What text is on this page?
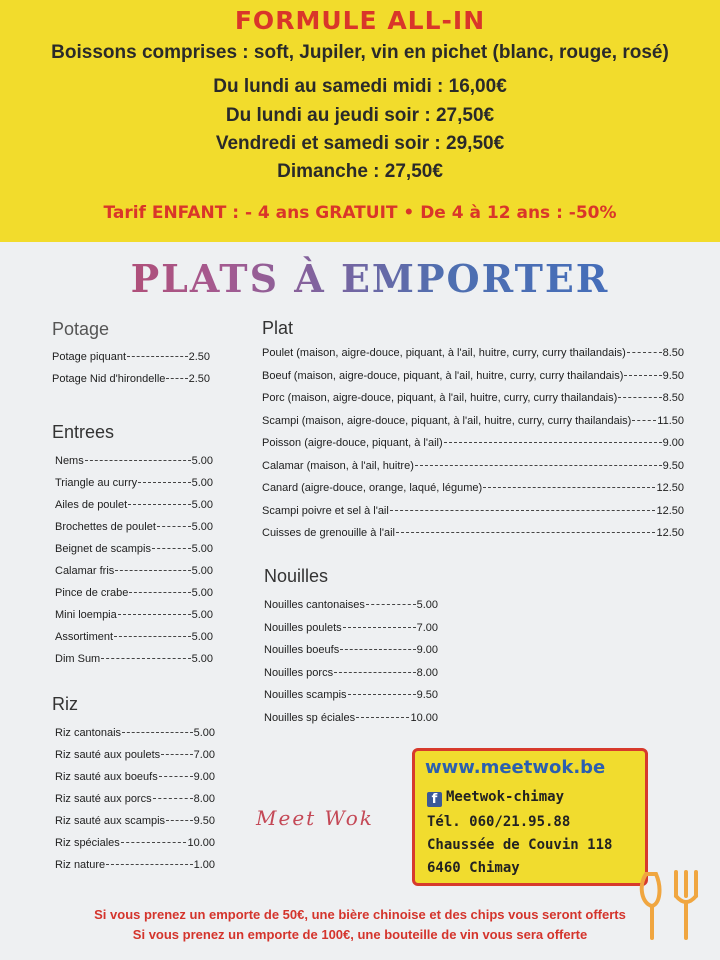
FORMULE ALL-IN
Boissons comprises : soft, Jupiler, vin en pichet (blanc, rouge, rosé)
Du lundi au samedi midi : 16,00€
Du lundi au jeudi soir : 27,50€
Vendredi et samedi soir : 29,50€
Dimanche : 27,50€
Tarif ENFANT : - 4 ans GRATUIT • De 4 à 12 ans : -50%
PLATS À EMPORTER
Potage
Potage piquant	2.50
Potage Nid d'hirondelle 2.50
Entrees
Nems	5.00
Triangle au curry	5.00
Ailes de poulet	5.00
Brochettes de poulet	5.00
Beignet de scampis	5.00
Calamar fris	5.00
Pince de crabe	5.00
Mini loempia	5.00
Assortiment	5.00
Dim Sum	5.00
Riz
Riz cantonais	5.00
Riz sauté aux poulets	7.00
Riz sauté aux boeufs	9.00
Riz sauté aux porcs	8.00
Riz sauté aux scampis	9.50
Riz spéciales	10.00
Riz nature	1.00
Plat
Poulet (maison, aigre-douce, piquant, à l'ail, huitre, curry, curry thailandais)	8.50
Boeuf (maison, aigre-douce, piquant, à l'ail, huitre, curry, curry thailandais)	9.50
Porc (maison, aigre-douce, piquant, à l'ail, huitre, curry, curry thailandais)	8.50
Scampi (maison, aigre-douce, piquant, à l'ail, huitre, curry, curry thailandais) 11.50
Poisson (aigre-douce, piquant, à l'ail)	9.00
Calamar (maison, à l'ail, huitre)	9.50
Canard (aigre-douce, orange, laqué, légume)	12.50
Scampi poivre et sel à l'ail	12.50
Cuisses de grenouille à l'ail	12.50
Nouilles
Nouilles cantonaises	5.00
Nouilles poulets	7.00
Nouilles boeufs	9.00
Nouilles porcs	8.00
Nouilles scampis	9.50
Nouilles sp éciales	10.00
Meet Wok
www.meetwok.be
f Meetwok-chimay
Tél. 060/21.95.88
Chaussée de Couvin 118
6460 Chimay
Si vous prenez un emporte de 50€, une bière chinoise et des chips vous seront offerts
Si vous prenez un emporte de 100€, une bouteille de vin vous sera offerte
